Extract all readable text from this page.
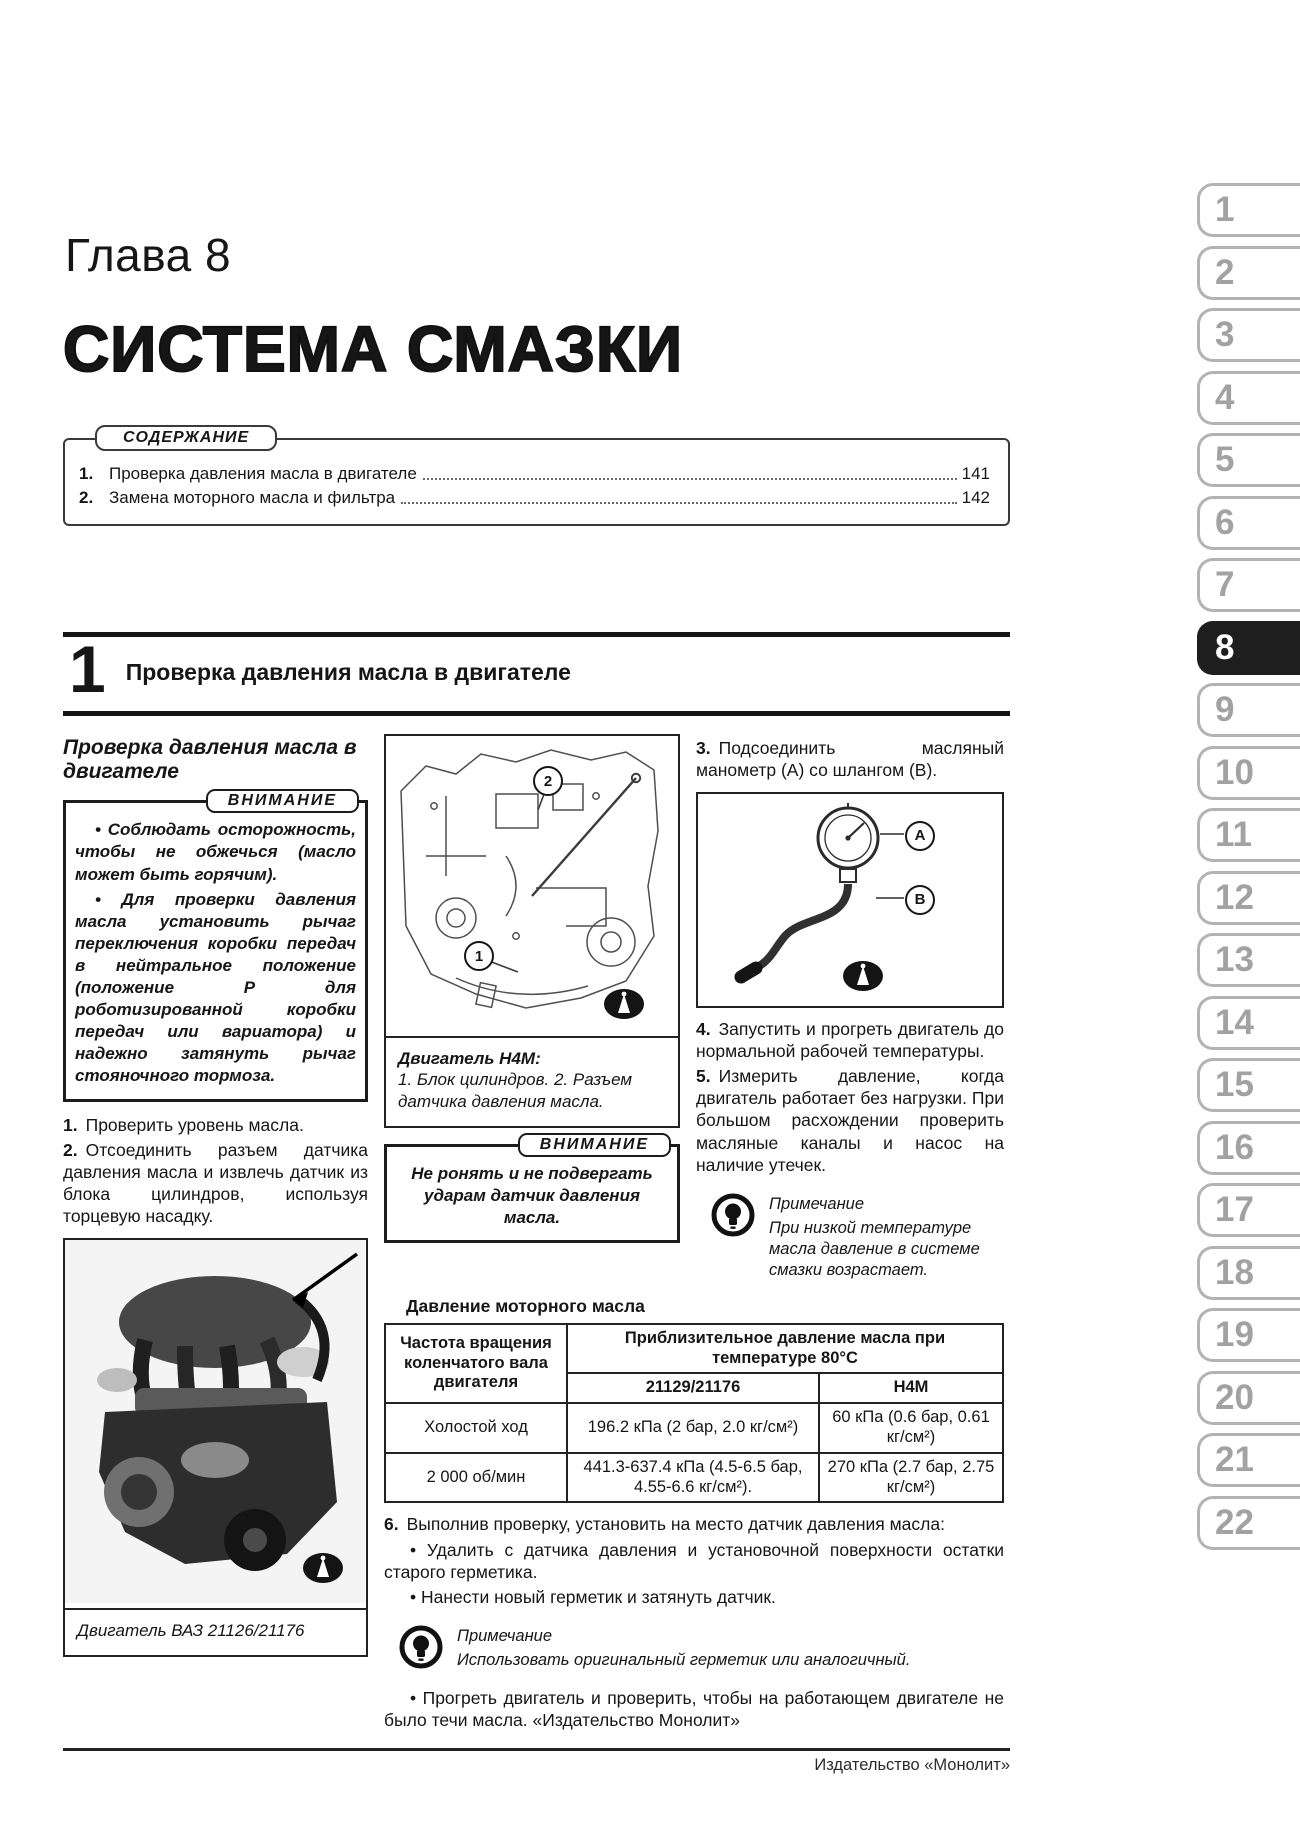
1
2
3
4
5
6
7
8
9
10
11
12
13
14
15
16
17
18
19
20
21
22
Глава 8
СИСТЕМА СМАЗКИ
СОДЕРЖАНИЕ
1. Проверка давления масла в двигателе	141
2. Замена моторного масла и фильтра	142
1 Проверка давления масла в двигателе
Проверка давления масла в двигателе
ВНИМАНИЕ

• Соблюдать осторожность, чтобы не обжечься (масло может быть горячим).

• Для проверки давления масла установить рычаг переключения коробки передач в нейтральное положение (положение Р для роботизированной коробки передач или вариатора) и надежно затянуть рычаг стояночного тормоза.

1. Проверить уровень масла.

2. Отсоединить разъем датчика давления масла и извлечь датчик из блока цилиндров, используя торцевую насадку.

Двигатель ВАЗ 21126/21176
1
2
Двигатель H4M:
1. Блок цилиндров. 2. Разъем датчика давления масла.
ВНИМАНИЕ

Не ронять и не подвергать ударам датчик давления масла.

3. Подсоединить масляный манометр (А) со шлангом (В).

A
B

4. Запустить и прогреть двигатель до нормальной рабочей температуры.

5. Измерить давление, когда двигатель работает без нагрузки. При большом расхождении проверить масляные каналы и насос на наличие утечек.

Примечание
При низкой температуре масла давление в системе смазки возрастает.
Давление моторного масла
Частота вращения коленчатого вала двигателя	Приблизительное давление масла при температуре 80°С	
	21129/21176	H4M
Холостой ход	196.2 кПа (2 бар, 2.0 кг/см²)	60 кПа (0.6 бар, 0.61 кг/см²)
2 000 об/мин	441.3-637.4 кПа (4.5-6.5 бар, 4.55-6.6 кг/см²).	270 кПа (2.7 бар, 2.75 кг/см²)

6. Выполнив проверку, установить на место датчик давления масла:

• Удалить с датчика давления и установочной поверхности остатки старого герметика.

• Нанести новый герметик и затянуть датчик.

Примечание
Использовать оригинальный герметик или аналогичный.

• Прогреть двигатель и проверить, чтобы на работающем двигателе не было течи масла. «Издательство Монолит»

Издательство «Монолит»
